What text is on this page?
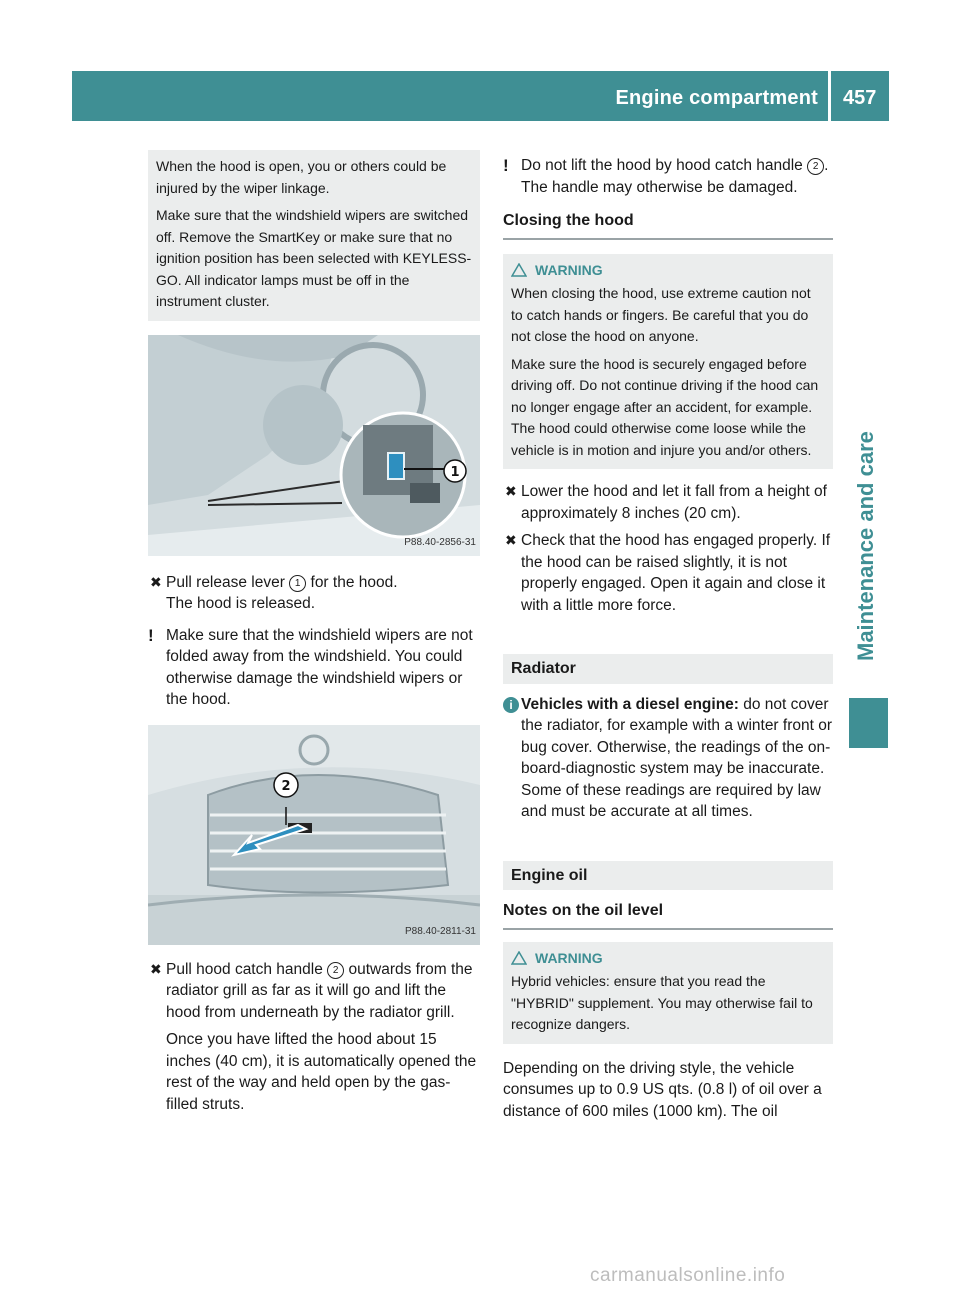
Engine compartment 457
Maintenance and care

When the hood is open, you or others could be injured by the wiper linkage.

Make sure that the windshield wipers are switched off. Remove the SmartKey or make sure that no ignition position has been selected with KEYLESS-GO. All indicator lamps must be off in the instrument cluster.

1
P88.40-2856-31

✖ Pull release lever 1 for the hood.
The hood is released.

! Make sure that the windshield wipers are not folded away from the windshield. You could otherwise damage the windshield wipers or the hood.

2
P88.40-2811-31

✖ Pull hood catch handle 2 outwards from the radiator grill as far as it will go and lift the hood from underneath by the radiator grill.

Once you have lifted the hood about 15 inches (40 cm), it is automatically opened the rest of the way and held open by the gas-filled struts.

! Do not lift the hood by hood catch handle 2 . The handle may otherwise be damaged.

Closing the hood
WARNING

When closing the hood, use extreme caution not to catch hands or fingers. Be careful that you do not close the hood on anyone.

Make sure the hood is securely engaged before driving off. Do not continue driving if the hood can no longer engage after an accident, for example. The hood could otherwise come loose while the vehicle is in motion and injure you and/or others.

✖ Lower the hood and let it fall from a height of approximately 8 inches (20 cm).

✖ Check that the hood has engaged properly. If the hood can be raised slightly, it is not properly engaged. Open it again and close it with a little more force.

Radiator

i Vehicles with a diesel engine: do not cover the radiator, for example with a winter front or bug cover. Otherwise, the readings of the on-board-diagnostic system may be inaccurate. Some of these readings are required by law and must be accurate at all times.

Engine oil
Notes on the oil level
WARNING

Hybrid vehicles: ensure that you read the "HYBRID" supplement. You may otherwise fail to recognize dangers.

Depending on the driving style, the vehicle consumes up to 0.9 US qts. (0.8 l) of oil over a distance of 600 miles (1000 km). The oil

carmanualsonline.info
